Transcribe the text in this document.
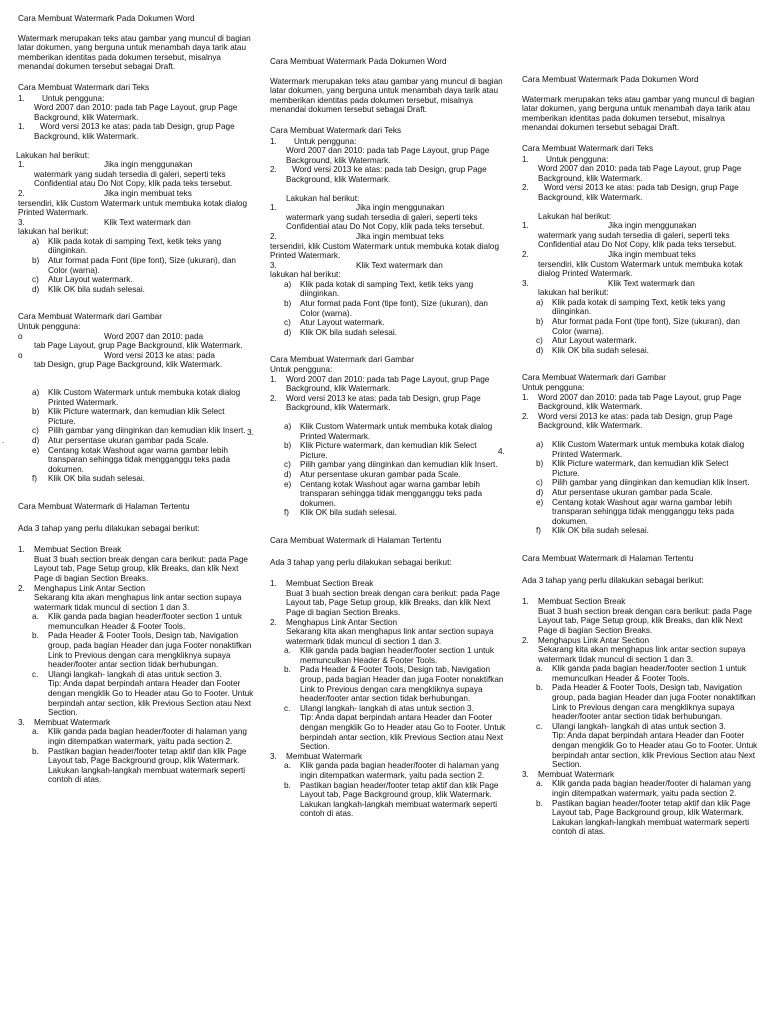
Cara Membuat Watermark Pada Dokumen Word

Watermark merupakan teks atau gambar yang muncul di bagian latar dokumen, yang berguna untuk menambah daya tarik atau memberikan identitas pada dokumen tersebut, misalnya menandai dokumen tersebut sebagai Draft.

Cara Membuat Watermark dari Teks

1. Untuk pengguna:

Word 2007 dan 2010: pada tab Page Layout, grup Page Background, klik Watermark.

1. Word versi 2013 ke atas: pada tab Design, grup Page Background, klik Watermark.

Lakukan hal berikut:

1.	Jika ingin menggunakan

watermark yang sudah tersedia di galeri, seperti teks Confidential atau Do Not Copy, klik pada teks tersebut.

2.	Jika ingin membuat teks

tersendiri, klik Custom Watermark untuk membuka kotak dialog Printed Watermark.

3.	Klik Text watermark dan

lakukan hal berikut:

a) Klik pada kotak di samping Text, ketik teks yang diinginkan.
b) Atur format pada Font (tipe font), Size (ukuran), dan Color (warna).
c) Atur Layout watermark.
d) Klik OK bila sudah selesai.

Cara Membuat Watermark dari Gambar

Untuk pengguna:

o	Word 2007 dan 2010: pada

tab Page Layout, grup Page Background, klik Watermark.

o	Word versi 2013 ke atas: pada

tab Design, grup Page Background, klik Watermark.

a) Klik Custom Watermark untuk membuka kotak dialog Printed Watermark.
b) Klik Picture watermark, dan kemudian klik Select Picture.
c) Pilih gambar yang diinginkan dan kemudian klik Insert.
d) Atur persentase ukuran gambar pada Scale.
e) Centang kotak Washout agar warna gambar lebih transparan sehingga tidak mengganggu teks pada dokumen.
f) Klik OK bila sudah selesai.

Cara Membuat Watermark di Halaman Tertentu

Ada 3 tahap yang perlu dilakukan sebagai berikut:

1. Membuat Section Break

Buat 3 buah section break dengan cara berikut: pada Page Layout tab, Page Setup group, klik Breaks, dan klik Next Page di bagian Section Breaks.

2. Menghapus Link Antar Section

Sekarang kita akan menghapus link antar section supaya watermark tidak muncul di section 1 dan 3.

a. Klik ganda pada bagian header/footer section 1 untuk memunculkan Header & Footer Tools.
b. Pada Header & Footer Tools, Design tab, Navigation group, pada bagian Header dan juga Footer nonaktifkan Link to Previous dengan cara mengkliknya supaya header/footer antar section tidak berhubungan.
c. Ulangi langkah- langkah di atas untuk section 3.

Tip: Anda dapat berpindah antara Header dan Footer dengan mengklik Go to Header atau Go to Footer. Untuk berpindah antar section, klik Previous Section atau Next Section.

3. Membuat Watermark
a. Klik ganda pada bagian header/footer di halaman yang ingin ditempatkan watermark, yaitu pada section 2.
b. Pastikan bagian header/footer tetap aktif dan klik Page Layout tab, Page Background group, klik Watermark. Lakukan langkah-langkah membuat watermark seperti contoh di atas.

Cara Membuat Watermark Pada Dokumen Word

Watermark merupakan teks atau gambar yang muncul di bagian latar dokumen, yang berguna untuk menambah daya tarik atau memberikan identitas pada dokumen tersebut, misalnya menandai dokumen tersebut sebagai Draft.

Cara Membuat Watermark dari Teks

1. Untuk pengguna:

Word 2007 dan 2010: pada tab Page Layout, grup Page Background, klik Watermark.

2. Word versi 2013 ke atas: pada tab Design, grup Page Background, klik Watermark.

Lakukan hal berikut:

1.	Jika ingin menggunakan

watermark yang sudah tersedia di galeri, seperti teks Confidential atau Do Not Copy, klik pada teks tersebut.

2.	Jika ingin membuat teks

tersendiri, klik Custom Watermark untuk membuka kotak dialog Printed Watermark.

3.	Klik Text watermark dan

lakukan hal berikut:

a) Klik pada kotak di samping Text, ketik teks yang diinginkan.
b) Atur format pada Font (tipe font), Size (ukuran), dan Color (warna).
c) Atur Layout watermark.
d) Klik OK bila sudah selesai.

Cara Membuat Watermark dari Gambar

Untuk pengguna:

1. Word 2007 dan 2010: pada tab Page Layout, grup Page Background, klik Watermark.
2. Word versi 2013 ke atas: pada tab Design, grup Page Background, klik Watermark.
a) Klik Custom Watermark untuk membuka kotak dialog Printed Watermark.
b) Klik Picture watermark, dan kemudian klik Select Picture.
c) Pilih gambar yang diinginkan dan kemudian klik Insert.
d) Atur persentase ukuran gambar pada Scale.
e) Centang kotak Washout agar warna gambar lebih transparan sehingga tidak mengganggu teks pada dokumen.
f) Klik OK bila sudah selesai.

Cara Membuat Watermark di Halaman Tertentu

Ada 3 tahap yang perlu dilakukan sebagai berikut:

1. Membuat Section Break

Buat 3 buah section break dengan cara berikut: pada Page Layout tab, Page Setup group, klik Breaks, dan klik Next Page di bagian Section Breaks.

2. Menghapus Link Antar Section

Sekarang kita akan menghapus link antar section supaya watermark tidak muncul di section 1 dan 3.

a. Klik ganda pada bagian header/footer section 1 untuk memunculkan Header & Footer Tools.
b. Pada Header & Footer Tools, Design tab, Navigation group, pada bagian Header dan juga Footer nonaktifkan Link to Previous dengan cara mengkliknya supaya header/footer antar section tidak berhubungan.
c. Ulangi langkah- langkah di atas untuk section 3.

Tip: Anda dapat berpindah antara Header dan Footer dengan mengklik Go to Header atau Go to Footer. Untuk berpindah antar section, klik Previous Section atau Next Section.

3. Membuat Watermark
a. Klik ganda pada bagian header/footer di halaman yang ingin ditempatkan watermark, yaitu pada section 2.
b. Pastikan bagian header/footer tetap aktif dan klik Page Layout tab, Page Background group, klik Watermark. Lakukan langkah-langkah membuat watermark seperti contoh di atas.

Cara Membuat Watermark Pada Dokumen Word

Watermark merupakan teks atau gambar yang muncul di bagian latar dokumen, yang berguna untuk menambah daya tarik atau memberikan identitas pada dokumen tersebut, misalnya menandai dokumen tersebut sebagai Draft.

Cara Membuat Watermark dari Teks

1. Untuk pengguna:

Word 2007 dan 2010: pada tab Page Layout, grup Page Background, klik Watermark.

2. Word versi 2013 ke atas: pada tab Design, grup Page Background, klik Watermark.

Lakukan hal berikut:

1.	Jika ingin menggunakan

watermark yang sudah tersedia di galeri, seperti teks Confidential atau Do Not Copy, klik pada teks tersebut.

2.	Jika ingin membuat teks

tersendiri, klik Custom Watermark untuk membuka kotak dialog Printed Watermark.

3.	Klik Text watermark dan

lakukan hal berikut:

a) Klik pada kotak di samping Text, ketik teks yang diinginkan.
b) Atur format pada Font (tipe font), Size (ukuran), dan Color (warna).
c) Atur Layout watermark.
d) Klik OK bila sudah selesai.

Cara Membuat Watermark dari Gambar

Untuk pengguna:

1. Word 2007 dan 2010: pada tab Page Layout, grup Page Background, klik Watermark.
2. Word versi 2013 ke atas: pada tab Design, grup Page Background, klik Watermark.
a) Klik Custom Watermark untuk membuka kotak dialog Printed Watermark.
b) Klik Picture watermark, dan kemudian klik Select Picture.
c) Pilih gambar yang diinginkan dan kemudian klik Insert.
d) Atur persentase ukuran gambar pada Scale.
e) Centang kotak Washout agar warna gambar lebih transparan sehingga tidak mengganggu teks pada dokumen.
f) Klik OK bila sudah selesai.

Cara Membuat Watermark di Halaman Tertentu

Ada 3 tahap yang perlu dilakukan sebagai berikut:

1. Membuat Section Break

Buat 3 buah section break dengan cara berikut: pada Page Layout tab, Page Setup group, klik Breaks, dan klik Next Page di bagian Section Breaks.

2. Menghapus Link Antar Section

Sekarang kita akan menghapus link antar section supaya watermark tidak muncul di section 1 dan 3.

a. Klik ganda pada bagian header/footer section 1 untuk memunculkan Header & Footer Tools.
b. Pada Header & Footer Tools, Design tab, Navigation group, pada bagian Header dan juga Footer nonaktifkan Link to Previous dengan cara mengkliknya supaya header/footer antar section tidak berhubungan.
c. Ulangi langkah- langkah di atas untuk section 3.

Tip: Anda dapat berpindah antara Header dan Footer dengan mengklik Go to Header atau Go to Footer. Untuk berpindah antar section, klik Previous Section atau Next Section.

3. Membuat Watermark
a. Klik ganda pada bagian header/footer di halaman yang ingin ditempatkan watermark, yaitu pada section 2.
b. Pastikan bagian header/footer tetap aktif dan klik Page Layout tab, Page Background group, klik Watermark. Lakukan langkah-langkah membuat watermark seperti contoh di atas.
3.
4.
.
